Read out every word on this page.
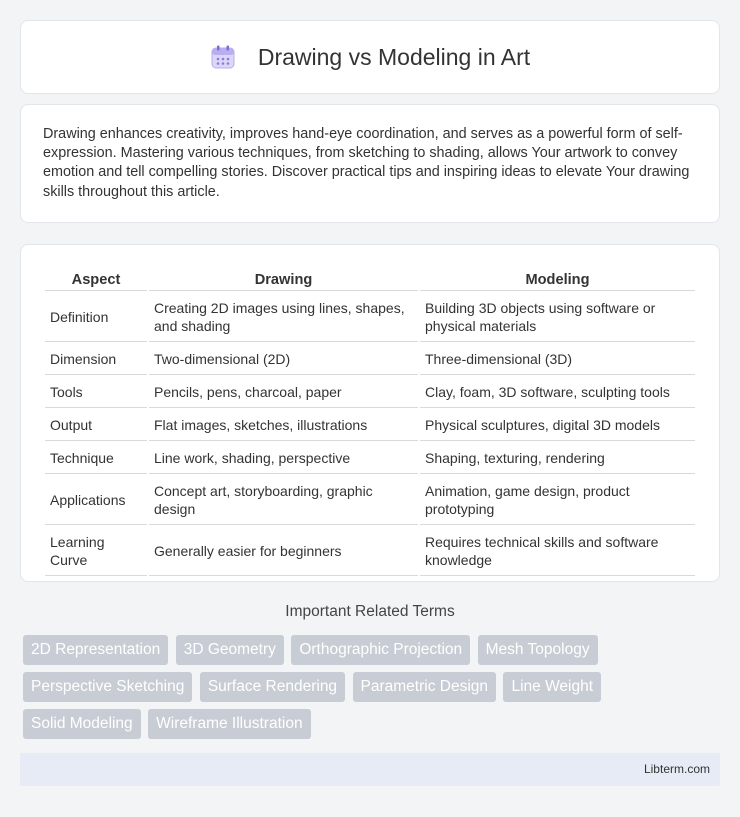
Drawing vs Modeling in Art

Drawing enhances creativity, improves hand-eye coordination, and serves as a powerful form of self-expression. Mastering various techniques, from sketching to shading, allows Your artwork to convey emotion and tell compelling stories. Discover practical tips and inspiring ideas to elevate Your drawing skills throughout this article.

Aspect	Drawing	Modeling
Definition	Creating 2D images using lines, shapes, and shading	Building 3D objects using software or physical materials
Dimension	Two-dimensional (2D)	Three-dimensional (3D)
Tools	Pencils, pens, charcoal, paper	Clay, foam, 3D software, sculpting tools
Output	Flat images, sketches, illustrations	Physical sculptures, digital 3D models
Technique	Line work, shading, perspective	Shaping, texturing, rendering
Applications	Concept art, storyboarding, graphic design	Animation, game design, product prototyping
Learning Curve	Generally easier for beginners	Requires technical skills and software knowledge
Important Related Terms
2D Representation 3D Geometry Orthographic Projection Mesh Topology Perspective Sketching Surface Rendering Parametric Design Line Weight Solid Modeling Wireframe Illustration
Libterm.com
